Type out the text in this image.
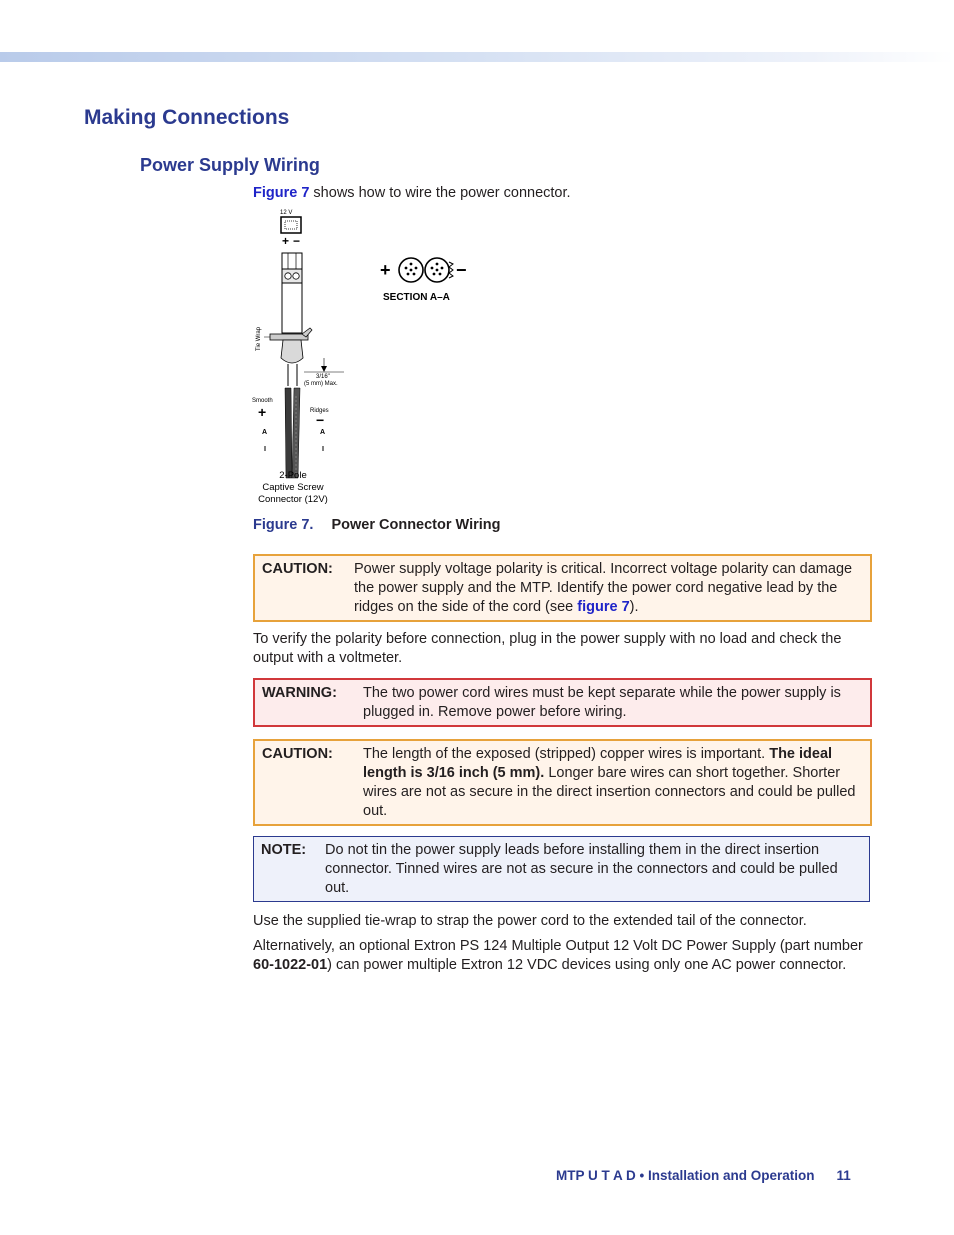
Making Connections
Power Supply Wiring

Figure 7 shows how to wire the power connector.

12 V
+ −
Tie Wrap
3/16"
(5 mm) Max.
Smooth
Ridges
+	−
A	A
2-Pole
Captive Screw
Connector (12V)
+	−
SECTION A–A
Figure 7. Power Connector Wiring
CAUTION:	Power supply voltage polarity is critical. Incorrect voltage polarity can damage the power supply and the MTP. Identify the power cord negative lead by the ridges on the side of the cord (see figure 7).

To verify the polarity before connection, plug in the power supply with no load and check the output with a voltmeter.

WARNING:	The two power cord wires must be kept separate while the power supply is plugged in. Remove power before wiring.
CAUTION:	The length of the exposed (stripped) copper wires is important. The ideal length is 3/16 inch (5 mm). Longer bare wires can short together. Shorter wires are not as secure in the direct insertion connectors and could be pulled out.
NOTE:	Do not tin the power supply leads before installing them in the direct insertion connector. Tinned wires are not as secure in the connectors and could be pulled out.

Use the supplied tie-wrap to strap the power cord to the extended tail of the connector.

Alternatively, an optional Extron PS 124 Multiple Output 12 Volt DC Power Supply (part number 60-1022-01) can power multiple Extron 12 VDC devices using only one AC power connector.

MTP U T A D • Installation and Operation 11
